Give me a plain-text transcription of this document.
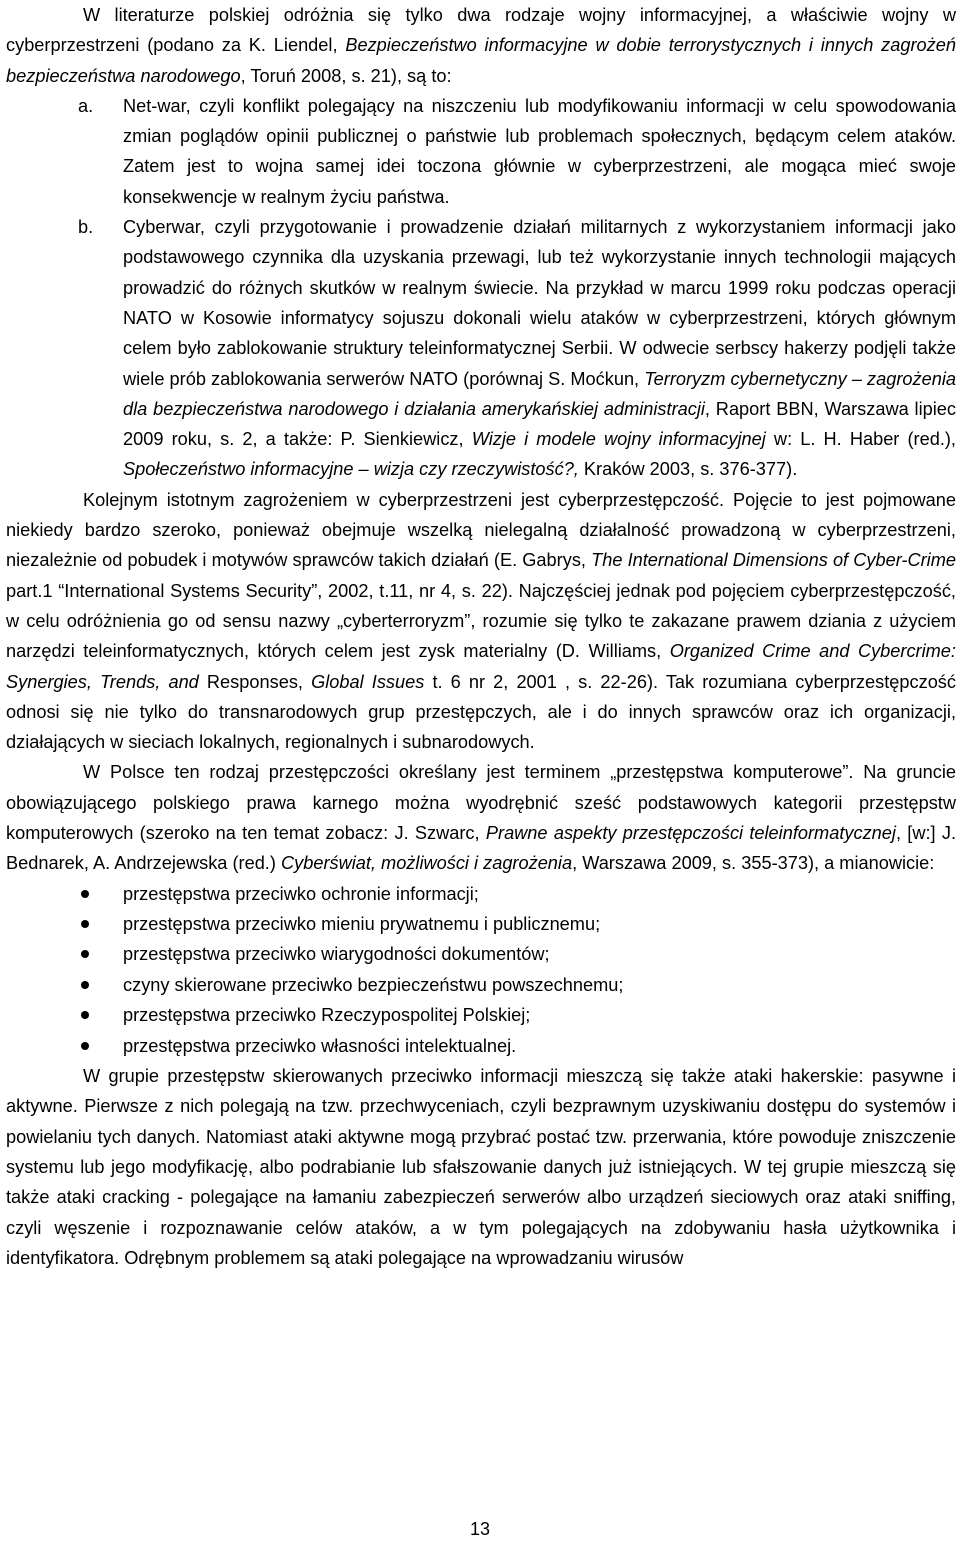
W literaturze polskiej odróżnia się tylko dwa rodzaje wojny informacyjnej, a właściwie wojny w cyberprzestrzeni (podano za K. Liendel, Bezpieczeństwo informacyjne w dobie terrorystycznych i innych zagrożeń bezpieczeństwa narodowego, Toruń 2008, s. 21), są to:

a. Net-war, czyli konflikt polegający na niszczeniu lub modyfikowaniu informacji w celu spowodowania zmian poglądów opinii publicznej o państwie lub problemach społecznych, będącym celem ataków. Zatem jest to wojna samej idei toczona głównie w cyberprzestrzeni, ale mogąca mieć swoje konsekwencje w realnym życiu państwa.
b. Cyberwar, czyli przygotowanie i prowadzenie działań militarnych z wykorzystaniem informacji jako podstawowego czynnika dla uzyskania przewagi, lub też wykorzystanie innych technologii mających prowadzić do różnych skutków w realnym świecie. Na przykład w marcu 1999 roku podczas operacji NATO w Kosowie informatycy sojuszu dokonali wielu ataków w cyberprzestrzeni, których głównym celem było zablokowanie struktury teleinformatycznej Serbii. W odwecie serbscy hakerzy podjęli także wiele prób zablokowania serwerów NATO (porównaj S. Moćkun, Terroryzm cybernetyczny – zagrożenia dla bezpieczeństwa narodowego i działania amerykańskiej administracji, Raport BBN, Warszawa lipiec 2009 roku, s. 2, a także: P. Sienkiewicz, Wizje i modele wojny informacyjnej w: L. H. Haber (red.), Społeczeństwo informacyjne – wizja czy rzeczywistość?, Kraków 2003, s. 376-377).

Kolejnym istotnym zagrożeniem w cyberprzestrzeni jest cyberprzestępczość. Pojęcie to jest pojmowane niekiedy bardzo szeroko, ponieważ obejmuje wszelką nielegalną działalność prowadzoną w cyberprzestrzeni, niezależnie od pobudek i motywów sprawców takich działań (E. Gabrys, The International Dimensions of Cyber-Crime part.1 “International Systems Security”, 2002, t.11, nr 4, s. 22). Najczęściej jednak pod pojęciem cyberprzestępczość, w celu odróżnienia go od sensu nazwy „cyberterroryzm”, rozumie się tylko te zakazane prawem dziania z użyciem narzędzi teleinformatycznych, których celem jest zysk materialny (D. Williams, Organized Crime and Cybercrime: Synergies, Trends, and Responses, Global Issues t. 6 nr 2, 2001 , s. 22-26). Tak rozumiana cyberprzestępczość odnosi się nie tylko do transnarodowych grup przestępczych, ale i do innych sprawców oraz ich organizacji, działających w sieciach lokalnych, regionalnych i subnarodowych.

W Polsce ten rodzaj przestępczości określany jest terminem „przestępstwa komputerowe”. Na gruncie obowiązującego polskiego prawa karnego można wyodrębnić sześć podstawowych kategorii przestępstw komputerowych (szeroko na ten temat zobacz: J. Szwarc, Prawne aspekty przestępczości teleinformatycznej, [w:] J. Bednarek, A. Andrzejewska (red.) Cyberświat, możliwości i zagrożenia, Warszawa 2009, s. 355-373), a mianowicie:

przestępstwa przeciwko ochronie informacji;
przestępstwa przeciwko mieniu prywatnemu i publicznemu;
przestępstwa przeciwko wiarygodności dokumentów;
czyny skierowane przeciwko bezpieczeństwu powszechnemu;
przestępstwa przeciwko Rzeczypospolitej Polskiej;
przestępstwa przeciwko własności intelektualnej.

W grupie przestępstw skierowanych przeciwko informacji mieszczą się także ataki hakerskie: pasywne i aktywne. Pierwsze z nich polegają na tzw. przechwyceniach, czyli bezprawnym uzyskiwaniu dostępu do systemów i powielaniu tych danych. Natomiast ataki aktywne mogą przybrać postać tzw. przerwania, które powoduje zniszczenie systemu lub jego modyfikację, albo podrabianie lub sfałszowanie danych już istniejących. W tej grupie mieszczą się także ataki cracking - polegające na łamaniu zabezpieczeń serwerów albo urządzeń sieciowych oraz ataki sniffing, czyli węszenie i rozpoznawanie celów ataków, a w tym polegających na zdobywaniu hasła użytkownika i identyfikatora. Odrębnym problemem są ataki polegające na wprowadzaniu wirusów

13
